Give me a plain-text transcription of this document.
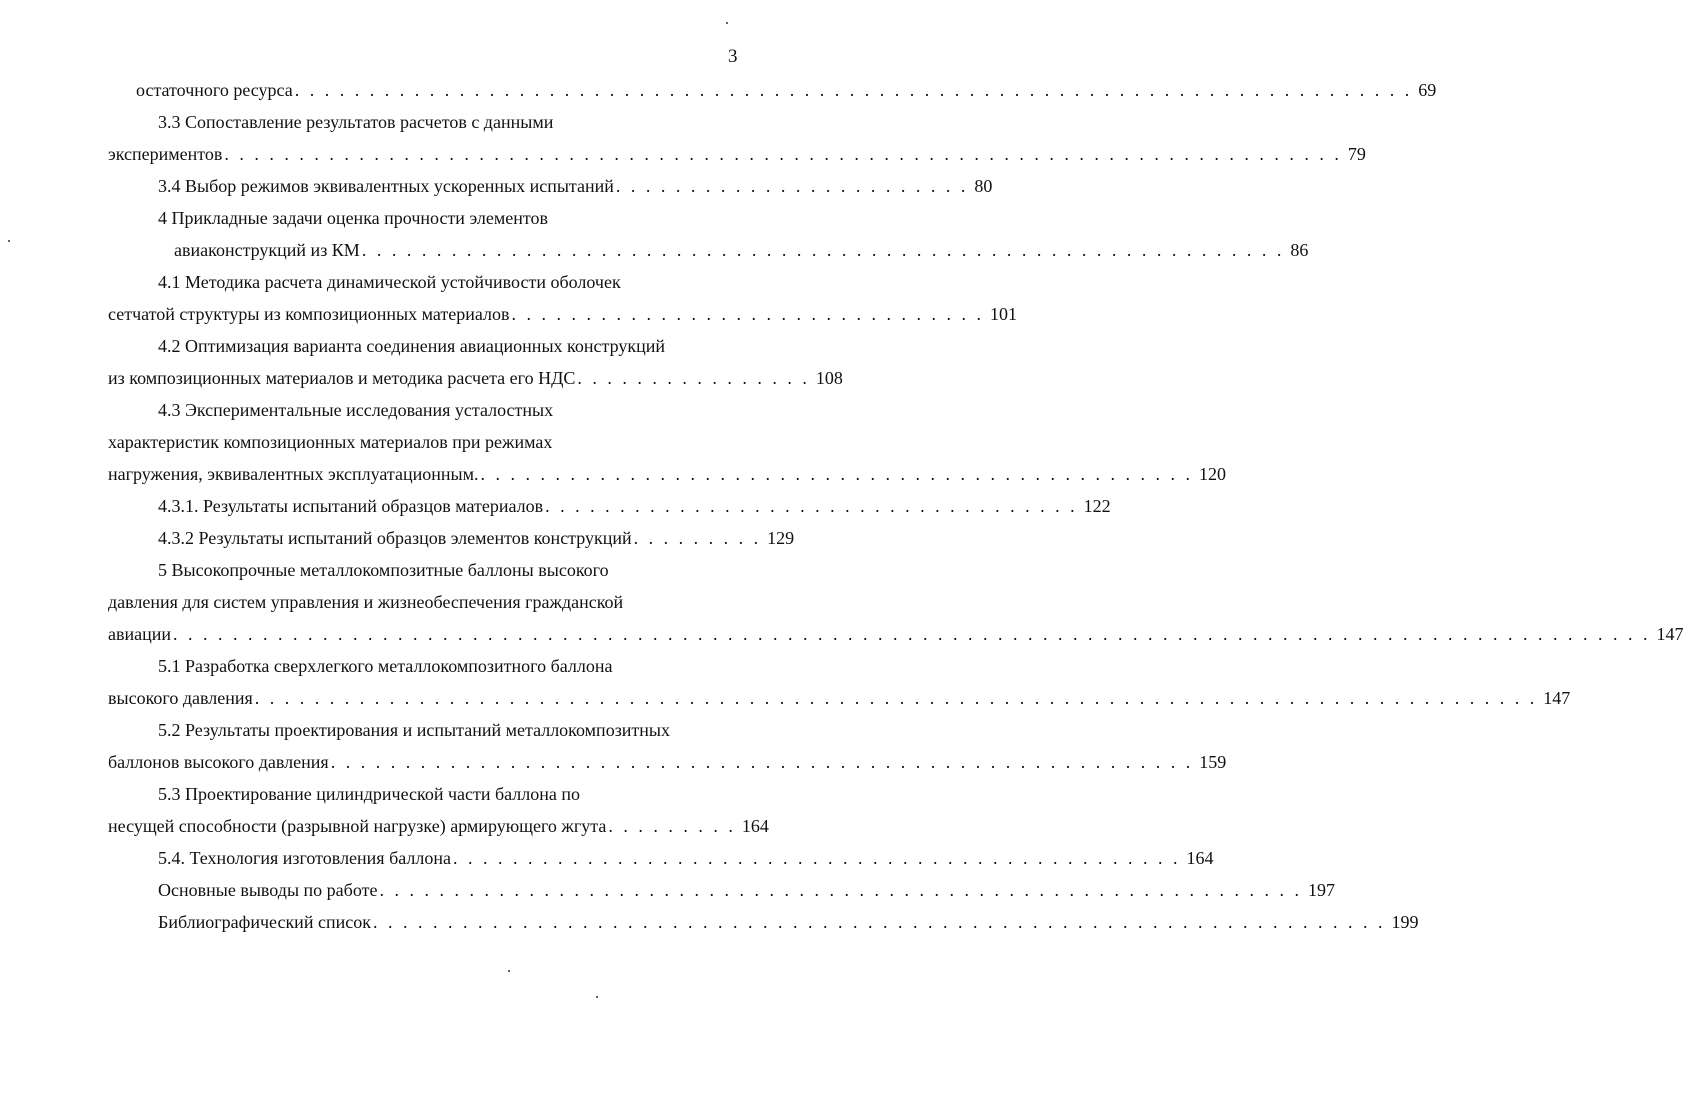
3
остаточного ресурса . . . . . . . . . . . . . . . . . . . . . . . . . . . . . . . . . . . . . . . . . . . . . . . . . . . . . . . . . . . . . . . . . . . . . . . . . . . 69
3.3 Сопоставление результатов расчетов с данными
экспериментов . . . . . . . . . . . . . . . . . . . . . . . . . . . . . . . . . . . . . . . . . . . . . . . . . . . . . . . . . . . . . . . . . . . . . . . . . . . 79
3.4 Выбор режимов эквивалентных ускоренных испытаний . . . . . . . . . . . . . . . . . . . . . . . . 80
4 Прикладные задачи оценка прочности элементов
авиаконструкций из КМ . . . . . . . . . . . . . . . . . . . . . . . . . . . . . . . . . . . . . . . . . . . . . . . . . . . . . . . . . . . . . . 86
4.1 Методика расчета динамической устойчивости оболочек
сетчатой структуры из композиционных материалов . . . . . . . . . . . . . . . . . . . . . . . . . . . . . . . . 101
4.2 Оптимизация варианта соединения авиационных конструкций
из композиционных материалов и методика расчета его НДС . . . . . . . . . . . . . . . . 108
4.3 Экспериментальные исследования усталостных
характеристик композиционных материалов при режимах
нагружения, эквивалентных эксплуатационным. . . . . . . . . . . . . . . . . . . . . . . . . . . . . . . . . . . . . . . . . . . . . . . . . 120
4.3.1. Результаты испытаний образцов материалов . . . . . . . . . . . . . . . . . . . . . . . . . . . . . . . . . . . . 122
4.3.2 Результаты испытаний образцов элементов конструкций . . . . . . . . . 129
5 Высокопрочные металлокомпозитные баллоны высокого
давления для систем управления и жизнеобеспечения гражданской
авиации . . . . . . . . . . . . . . . . . . . . . . . . . . . . . . . . . . . . . . . . . . . . . . . . . . . . . . . . . . . . . . . . . . . . . . . . . . . . . . . . . . . . . . . . . . . . . . . . . . . 147
5.1 Разработка сверхлегкого металлокомпозитного баллона
высокого давления . . . . . . . . . . . . . . . . . . . . . . . . . . . . . . . . . . . . . . . . . . . . . . . . . . . . . . . . . . . . . . . . . . . . . . . . . . . . . . . . . . . . . . 147
5.2 Результаты проектирования и испытаний металлокомпозитных
баллонов высокого давления . . . . . . . . . . . . . . . . . . . . . . . . . . . . . . . . . . . . . . . . . . . . . . . . . . . . . . . . . . 159
5.3 Проектирование цилиндрической части баллона по
несущей способности (разрывной нагрузке) армирующего жгута . . . . . . . . . 164
5.4. Технология изготовления баллона . . . . . . . . . . . . . . . . . . . . . . . . . . . . . . . . . . . . . . . . . . . . . . . . . 164
Основные выводы по работе . . . . . . . . . . . . . . . . . . . . . . . . . . . . . . . . . . . . . . . . . . . . . . . . . . . . . . . . . . . . . . 197
Библиографический список . . . . . . . . . . . . . . . . . . . . . . . . . . . . . . . . . . . . . . . . . . . . . . . . . . . . . . . . . . . . . . . . . . . . 199
